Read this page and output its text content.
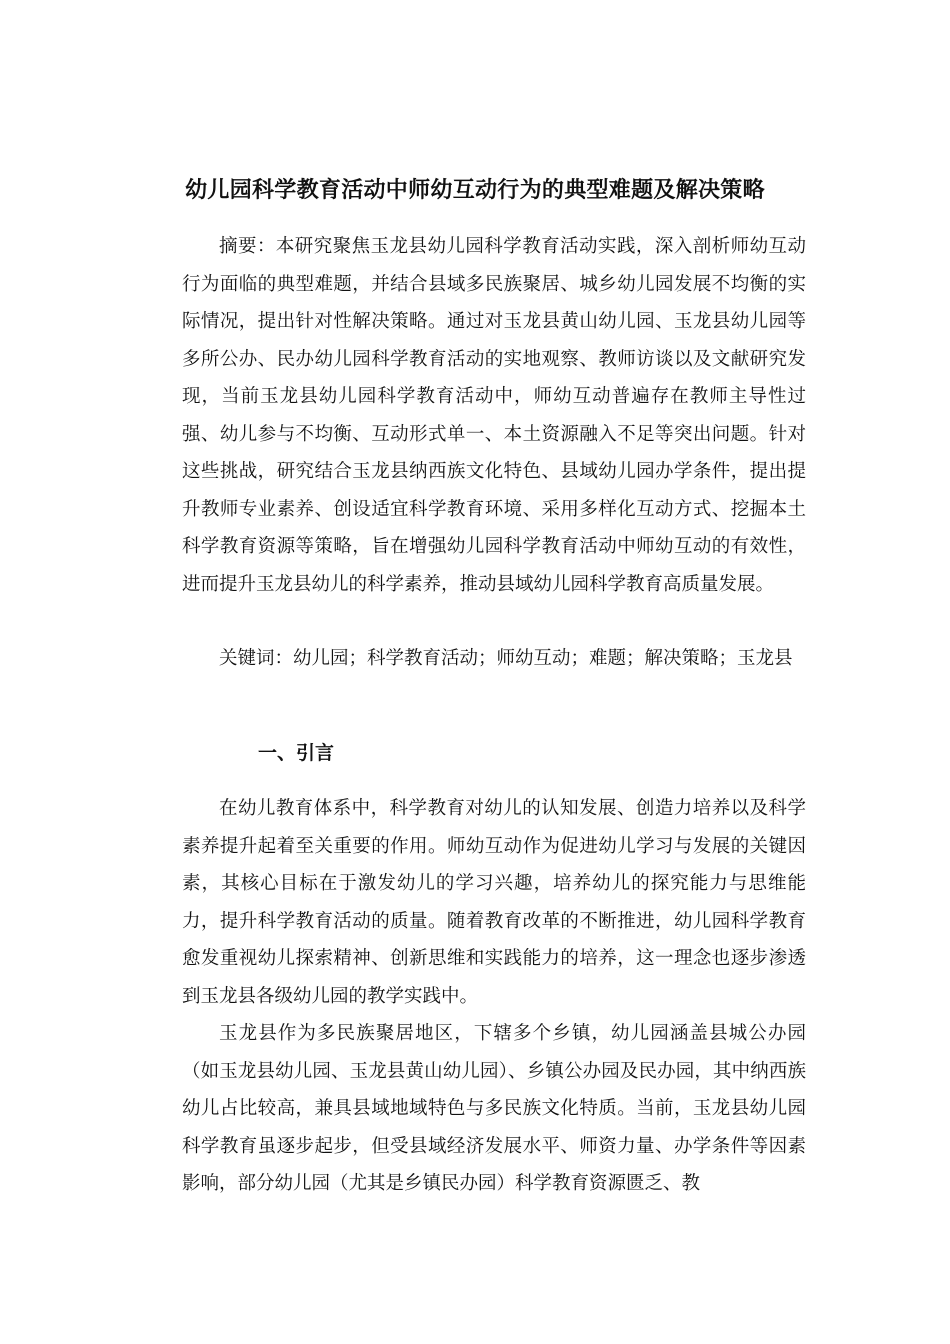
幼儿园科学教育活动中师幼互动行为的典型难题及解决策略

摘要：本研究聚焦玉龙县幼儿园科学教育活动实践，深入剖析师幼互动行为面临的典型难题，并结合县域多民族聚居、城乡幼儿园发展不均衡的实际情况，提出针对性解决策略。通过对玉龙县黄山幼儿园、玉龙县幼儿园等多所公办、民办幼儿园科学教育活动的实地观察、教师访谈以及文献研究发现，当前玉龙县幼儿园科学教育活动中，师幼互动普遍存在教师主导性过强、幼儿参与不均衡、互动形式单一、本土资源融入不足等突出问题。针对这些挑战，研究结合玉龙县纳西族文化特色、县域幼儿园办学条件，提出提升教师专业素养、创设适宜科学教育环境、采用多样化互动方式、挖掘本土科学教育资源等策略，旨在增强幼儿园科学教育活动中师幼互动的有效性，进而提升玉龙县幼儿的科学素养，推动县域幼儿园科学教育高质量发展。

关键词：幼儿园；科学教育活动；师幼互动；难题；解决策略；玉龙县

一、引言

在幼儿教育体系中，科学教育对幼儿的认知发展、创造力培养以及科学素养提升起着至关重要的作用。师幼互动作为促进幼儿学习与发展的关键因素，其核心目标在于激发幼儿的学习兴趣，培养幼儿的探究能力与思维能力，提升科学教育活动的质量。随着教育改革的不断推进，幼儿园科学教育愈发重视幼儿探索精神、创新思维和实践能力的培养，这一理念也逐步渗透到玉龙县各级幼儿园的教学实践中。

玉龙县作为多民族聚居地区，下辖多个乡镇，幼儿园涵盖县城公办园（如玉龙县幼儿园、玉龙县黄山幼儿园）、乡镇公办园及民办园，其中纳西族幼儿占比较高，兼具县域地域特色与多民族文化特质。当前，玉龙县幼儿园科学教育虽逐步起步，但受县域经济发展水平、师资力量、办学条件等因素影响，部分幼儿园（尤其是乡镇民办园）科学教育资源匮乏、教
